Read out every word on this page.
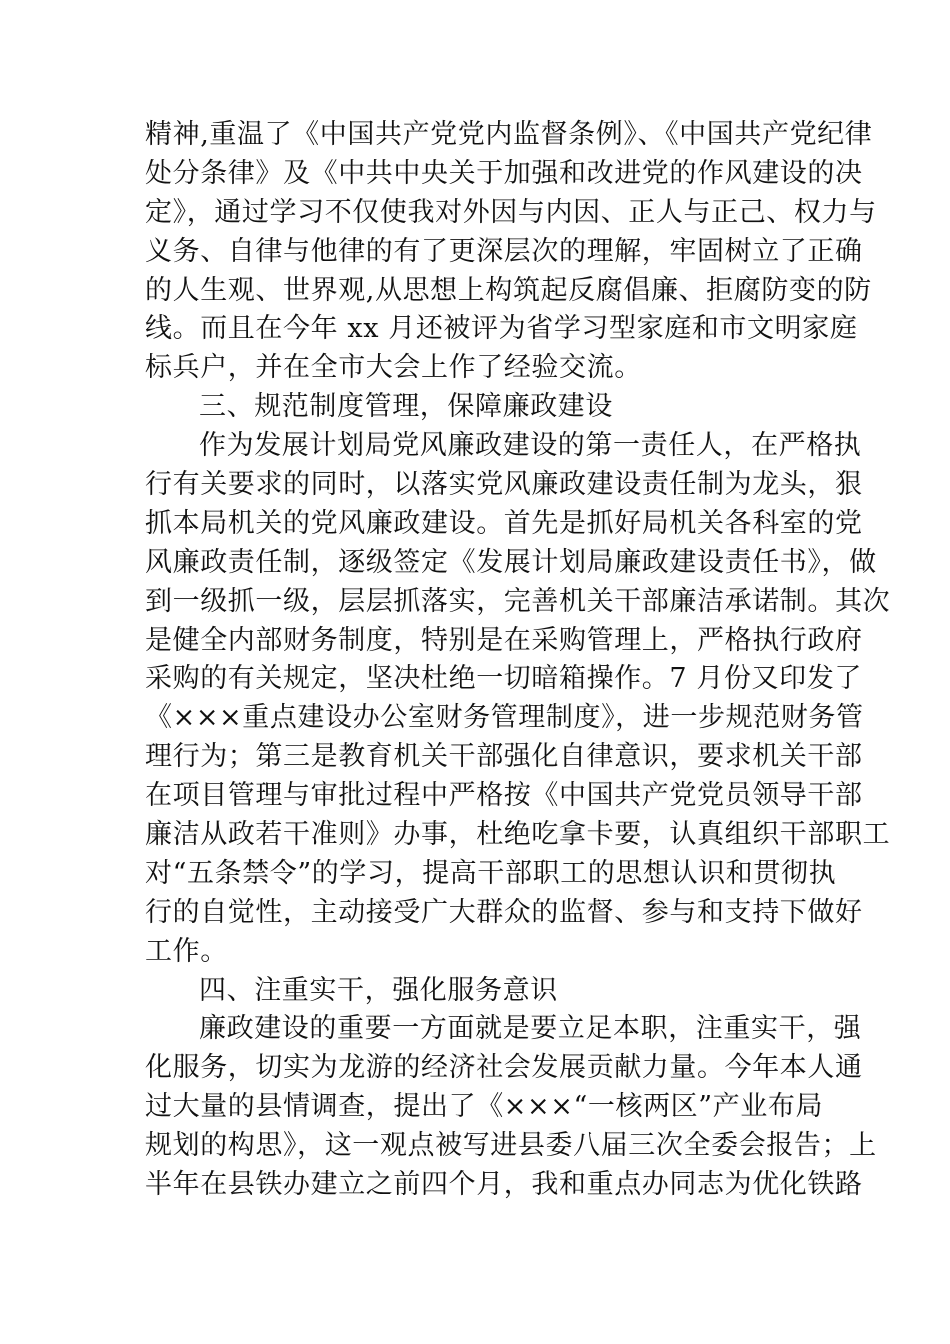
精神,重温了《中国共产党党内监督条例》、《中国共产党纪律
处分条律》及《中共中央关于加强和改进党的作风建设的决
定》，通过学习不仅使我对外因与内因、正人与正己、权力与
义务、自律与他律的有了更深层次的理解，牢固树立了正确
的人生观、世界观,从思想上构筑起反腐倡廉、拒腐防变的防
线。而且在今年 xx 月还被评为省学习型家庭和市文明家庭
标兵户，并在全市大会上作了经验交流。
三、规范制度管理，保障廉政建设
作为发展计划局党风廉政建设的第一责任人，在严格执
行有关要求的同时，以落实党风廉政建设责任制为龙头，狠
抓本局机关的党风廉政建设。首先是抓好局机关各科室的党
风廉政责任制，逐级签定《发展计划局廉政建设责任书》，做
到一级抓一级，层层抓落实，完善机关干部廉洁承诺制。其次
是健全内部财务制度，特别是在采购管理上，严格执行政府
采购的有关规定，坚决杜绝一切暗箱操作。7 月份又印发了
《×××重点建设办公室财务管理制度》，进一步规范财务管
理行为；第三是教育机关干部强化自律意识，要求机关干部
在项目管理与审批过程中严格按《中国共产党党员领导干部
廉洁从政若干准则》办事，杜绝吃拿卡要，认真组织干部职工
对“五条禁令”的学习，提高干部职工的思想认识和贯彻执
行的自觉性，主动接受广大群众的监督、参与和支持下做好
工作。
四、注重实干，强化服务意识
廉政建设的重要一方面就是要立足本职，注重实干，强
化服务，切实为龙游的经济社会发展贡献力量。今年本人通
过大量的县情调查，提出了《×××“一核两区”产业布局
规划的构思》，这一观点被写进县委八届三次全委会报告；上
半年在县铁办建立之前四个月，我和重点办同志为优化铁路
